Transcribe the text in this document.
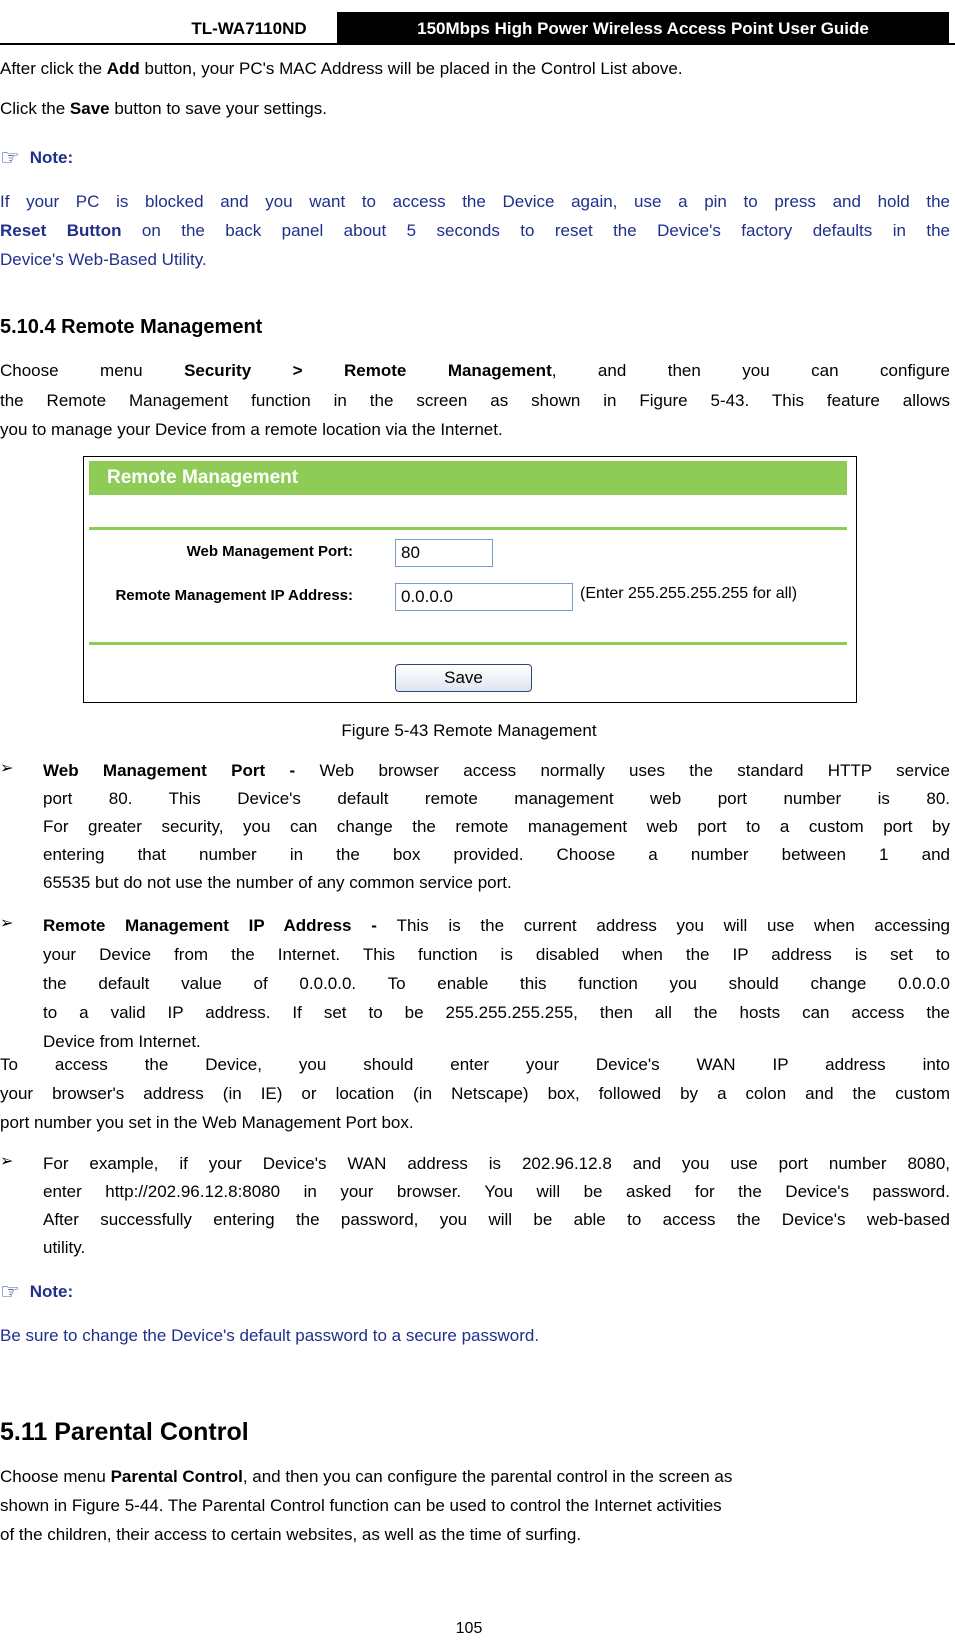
TL-WA7110ND	150Mbps High Power Wireless Access Point User Guide
After click the Add button, your PC's MAC Address will be placed in the Control List above.
Click the Save button to save your settings.
☞ Note:
If your PC is blocked and you want to access the Device again, use a pin to press and hold the
Reset Button on the back panel about 5 seconds to reset the Device's factory defaults in the
Device's Web-Based Utility.
5.10.4 Remote Management
Choose menu Security > Remote Management, and then you can configure
the Remote Management function in the screen as shown in Figure 5-43. This feature allows
you to manage your Device from a remote location via the Internet.
Remote Management
Web Management Port:	80
Remote Management IP Address:	0.0.0.0	(Enter 255.255.255.255 for all)
Save
Figure 5-43 Remote Management
➢ Web Management Port - Web browser access normally uses the standard HTTP service
port 80. This Device's default remote management web port number is 80.
For greater security, you can change the remote management web port to a custom port by
entering that number in the box provided. Choose a number between 1 and
65535 but do not use the number of any common service port.
➢ Remote Management IP Address - This is the current address you will use when accessing
your Device from the Internet. This function is disabled when the IP address is set to
the default value of 0.0.0.0. To enable this function you should change 0.0.0.0
to a valid IP address. If set to be 255.255.255.255, then all the hosts can access the
Device from Internet.
To access the Device, you should enter your Device's WAN IP address into
your browser's address (in IE) or location (in Netscape) box, followed by a colon and the custom
port number you set in the Web Management Port box.
➢ For example, if your Device's WAN address is 202.96.12.8 and you use port number 8080,
enter http://202.96.12.8:8080 in your browser. You will be asked for the Device's password.
After successfully entering the password, you will be able to access the Device's web-based
utility.
☞ Note:
Be sure to change the Device's default password to a secure password.
5.11 Parental Control
Choose menu Parental Control, and then you can configure the parental control in the screen as
shown in Figure 5-44. The Parental Control function can be used to control the Internet activities
of the children, their access to certain websites, as well as the time of surfing.
105
